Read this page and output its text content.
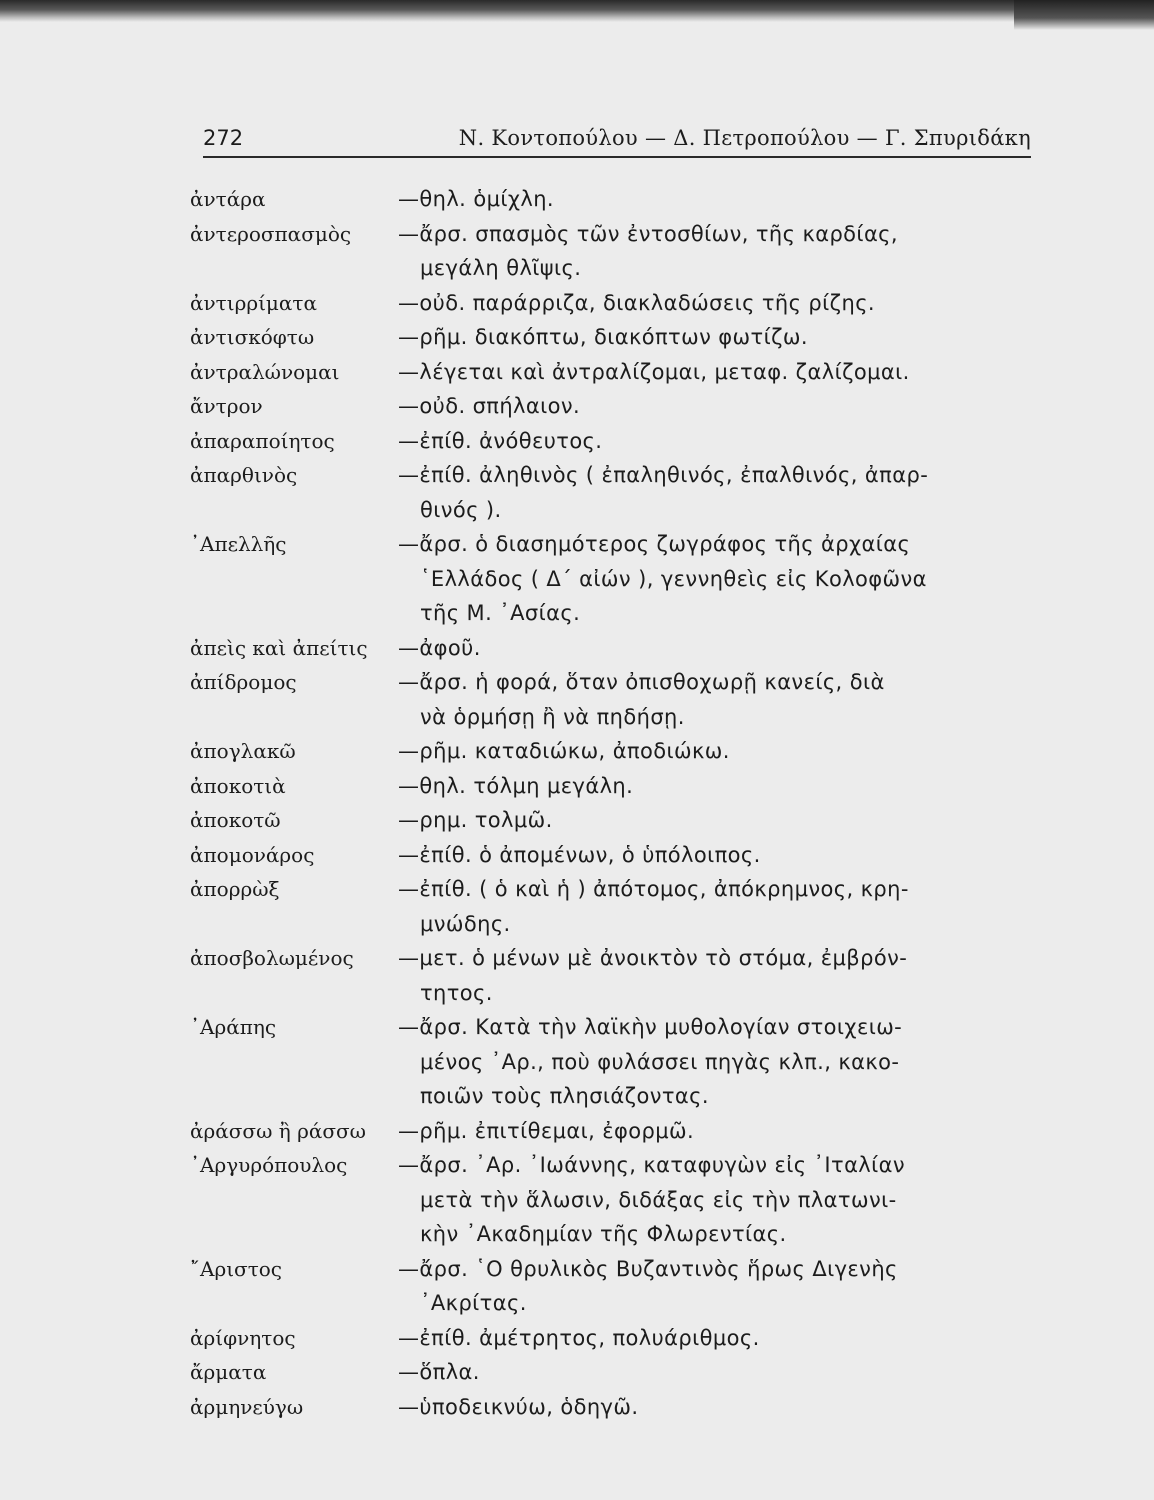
272	Ν. Κοντοπούλου — Δ. Πετροπούλου — Γ. Σπυριδάκη
ἀντάρα	—θηλ. ὁμίχλη.
ἀντεροσπασμὸς —ἄρσ. σπασμὸς τῶν ἐντοσθίων, τῆς καρδίας,
μεγάλη θλῖψις.
ἀντιρρίματα	—οὐδ. παράρριζα, διακλαδώσεις τῆς ρίζης.
ἀντισκόφτω	—ρῆμ. διακόπτω, διακόπτων φωτίζω.
ἀντραλώνομαι	—λέγεται καὶ ἀντραλίζομαι, μεταφ. ζαλίζομαι.
ἄντρον	—οὐδ. σπήλαιον.
ἀπαραποίητος	—ἐπίθ. ἀνόθευτος.
ἀπαρθινὸς	—ἐπίθ. ἀληθινὸς ( ἐπαληθινός, ἐπαλθινός, ἀπαρ-
θινός ).
᾿Απελλῆς	—ἄρσ. ὁ διασημότερος ζωγράφος τῆς ἀρχαίας
῾Ελλάδος ( Δ´ αἰών ), γεννηθεὶς εἰς Κολοφῶνα
τῆς Μ. ᾿Ασίας.
ἀπεὶς καὶ ἀπείτις —ἀφοῦ.
ἀπίδρομος	—ἄρσ. ἡ φορά, ὅταν ὀπισθοχωρῇ κανείς, διὰ
νὰ ὁρμήσῃ ἢ νὰ πηδήσῃ.
ἀπογλακῶ	—ρῆμ. καταδιώκω, ἀποδιώκω.
ἀποκοτιὰ	—θηλ. τόλμη μεγάλη.
ἀποκοτῶ	—ρημ. τολμῶ.
ἀπομονάρος	—ἐπίθ. ὁ ἀπομένων, ὁ ὑπόλοιπος.
ἀπορρὼξ	—ἐπίθ. ( ὁ καὶ ἡ ) ἀπότομος, ἀπόκρημνος, κρη-
μνώδης.
ἀποσβολωμένος —μετ. ὁ μένων μὲ ἀνοικτὸν τὸ στόμα, ἐμβρόν-
τητος.
᾿Αράπης	—ἄρσ. Κατὰ τὴν λαϊκὴν μυθολογίαν στοιχειω-
μένος ᾿Αρ., ποὺ φυλάσσει πηγὰς κλπ., κακο-
ποιῶν τοὺς πλησιάζοντας.
ἀράσσω ἢ ράσσω —ρῆμ. ἐπιτίθεμαι, ἐφορμῶ.
᾿Αργυρόπουλος —ἄρσ. ᾿Αρ. ᾿Ιωάννης, καταφυγὼν εἰς ᾿Ιταλίαν
μετὰ τὴν ἅλωσιν, διδάξας εἰς τὴν πλατωνι-
κὴν ᾿Ακαδημίαν τῆς Φλωρεντίας.
῎Αριστος	—ἄρσ. ῾Ο θρυλικὸς Βυζαντινὸς ἥρως Διγενὴς
᾿Ακρίτας.
ἀρίφνητος	—ἐπίθ. ἀμέτρητος, πολυάριθμος.
ἄρματα	—ὅπλα.
ἀρμηνεύγω	—ὑποδεικνύω, ὁδηγῶ.
